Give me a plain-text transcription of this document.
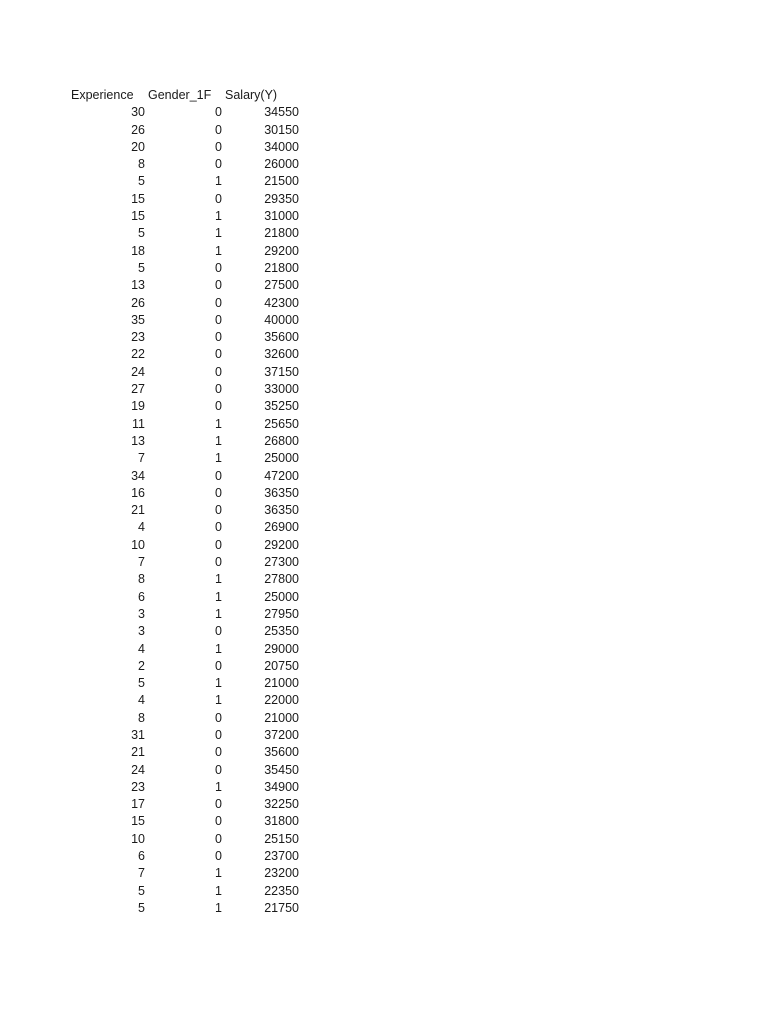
Experience Gender_1F Salary(Y)
30	0	34550
26	0	30150
20	0	34000
8	0	26000
5	1	21500
15	0	29350
15	1	31000
5	1	21800
18	1	29200
5	0	21800
13	0	27500
26	0	42300
35	0	40000
23	0	35600
22	0	32600
24	0	37150
27	0	33000
19	0	35250
11	1	25650
13	1	26800
7	1	25000
34	0	47200
16	0	36350
21	0	36350
4	0	26900
10	0	29200
7	0	27300
8	1	27800
6	1	25000
3	1	27950
3	0	25350
4	1	29000
2	0	20750
5	1	21000
4	1	22000
8	0	21000
31	0	37200
21	0	35600
24	0	35450
23	1	34900
17	0	32250
15	0	31800
10	0	25150
6	0	23700
7	1	23200
5	1	22350
5	1	21750
